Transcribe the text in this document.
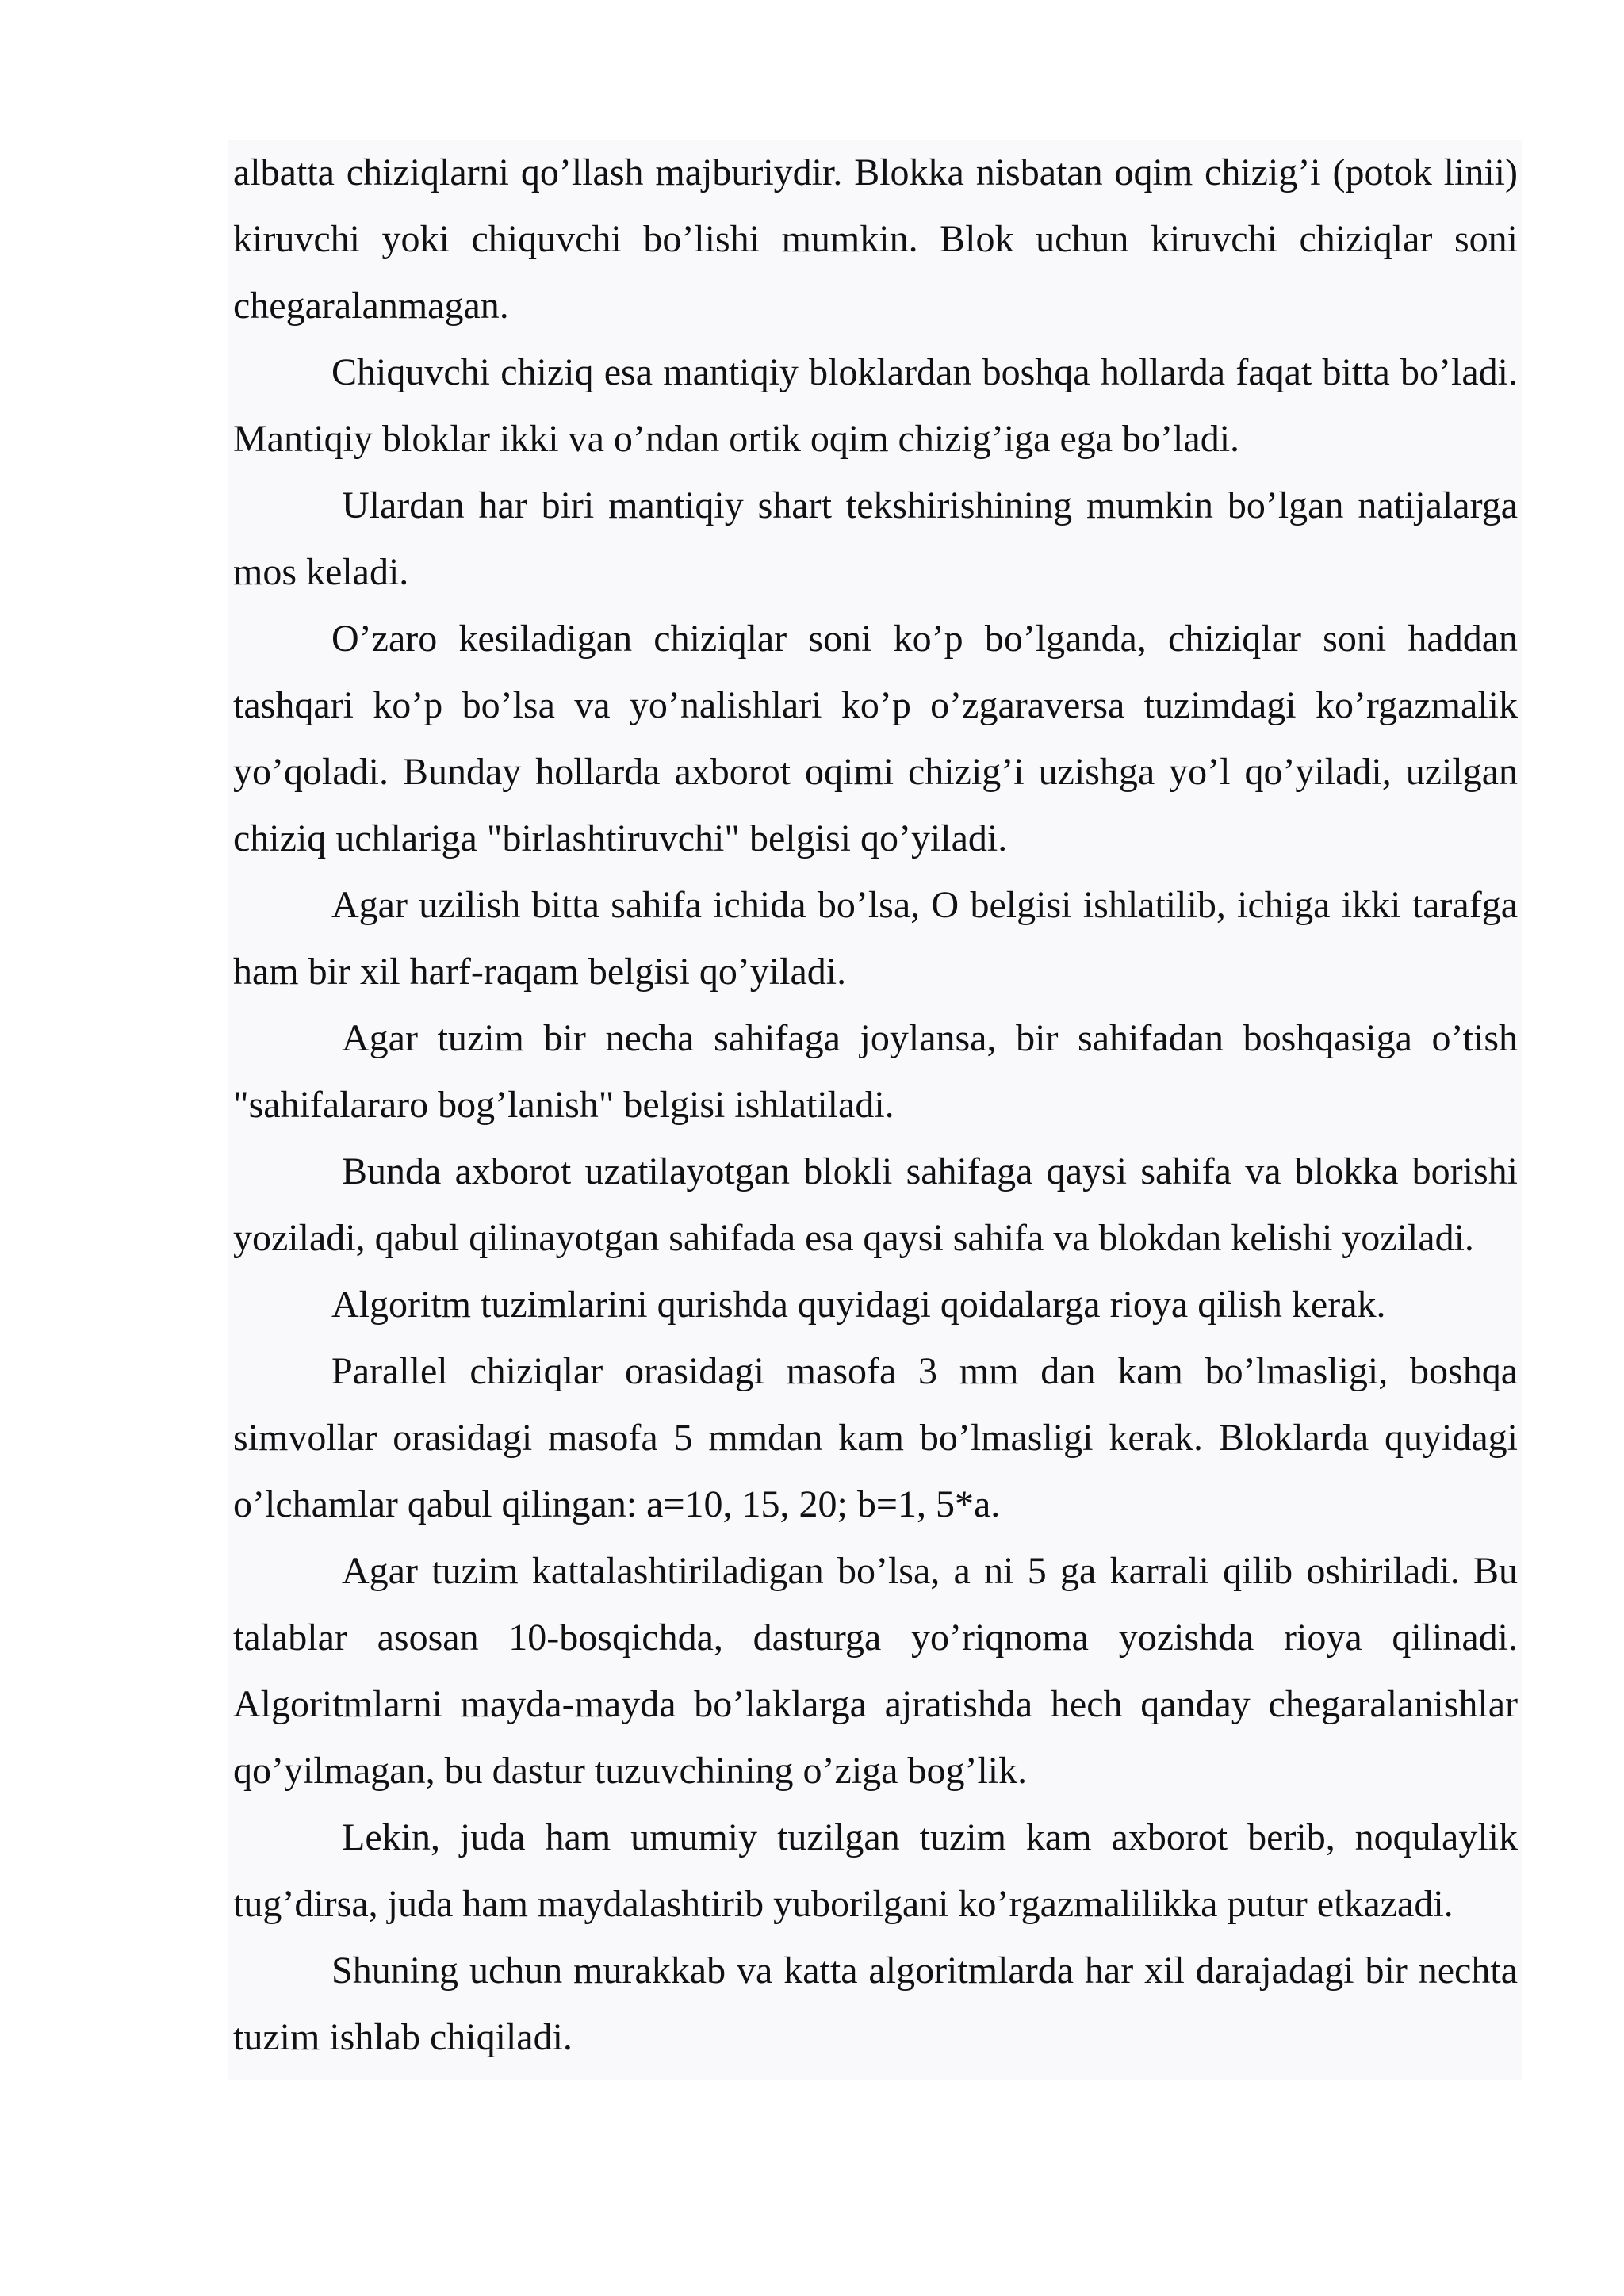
albatta chiziqlarni qo’llash majburiydir. Blokka nisbatan oqim chizig’i (potok linii) kiruvchi yoki chiquvchi bo’lishi mumkin. Blok uchun kiruvchi chiziqlar soni chegaralanmagan.

Chiquvchi chiziq esa mantiqiy bloklardan boshqa hollarda faqat bitta bo’ladi. Mantiqiy bloklar ikki va o’ndan ortik oqim chizig’iga ega bo’ladi.

Ulardan har biri mantiqiy shart tekshirishining mumkin bo’lgan natijalarga mos keladi.

O’zaro kesiladigan chiziqlar soni ko’p bo’lganda, chiziqlar soni haddan tashqari ko’p bo’lsa va yo’nalishlari ko’p o’zgaraversa tuzimdagi ko’rgazmalik yo’qoladi. Bunday hollarda axborot oqimi chizig’i uzishga yo’l qo’yiladi, uzilgan chiziq uchlariga "birlashtiruvchi" belgisi qo’yiladi.

Agar uzilish bitta sahifa ichida bo’lsa, O belgisi ishlatilib, ichiga ikki tarafga ham bir xil harf-raqam belgisi qo’yiladi.

Agar tuzim bir necha sahifaga joylansa, bir sahifadan boshqasiga o’tish "sahifalararo bog’lanish" belgisi ishlatiladi.

Bunda axborot uzatilayotgan blokli sahifaga qaysi sahifa va blokka borishi yoziladi, qabul qilinayotgan sahifada esa qaysi sahifa va blokdan kelishi yoziladi.

Algoritm tuzimlarini qurishda quyidagi qoidalarga rioya qilish kerak.

Parallel chiziqlar orasidagi masofa 3 mm dan kam bo’lmasligi, boshqa simvollar orasidagi masofa 5 mmdan kam bo’lmasligi kerak. Bloklarda quyidagi o’lchamlar qabul qilingan: a=10, 15, 20; b=1, 5*a.

Agar tuzim kattalashtiriladigan bo’lsa, a ni 5 ga karrali qilib oshiriladi. Bu talablar asosan 10-bosqichda, dasturga yo’riqnoma yozishda rioya qilinadi. Algoritmlarni mayda-mayda bo’laklarga ajratishda hech qanday chegaralanishlar qo’yilmagan, bu dastur tuzuvchining o’ziga bog’lik.

Lekin, juda ham umumiy tuzilgan tuzim kam axborot berib, noqulaylik tug’dirsa, juda ham maydalashtirib yuborilgani ko’rgazmalilikka putur etkazadi.

Shuning uchun murakkab va katta algoritmlarda har xil darajadagi bir nechta tuzim ishlab chiqiladi.
